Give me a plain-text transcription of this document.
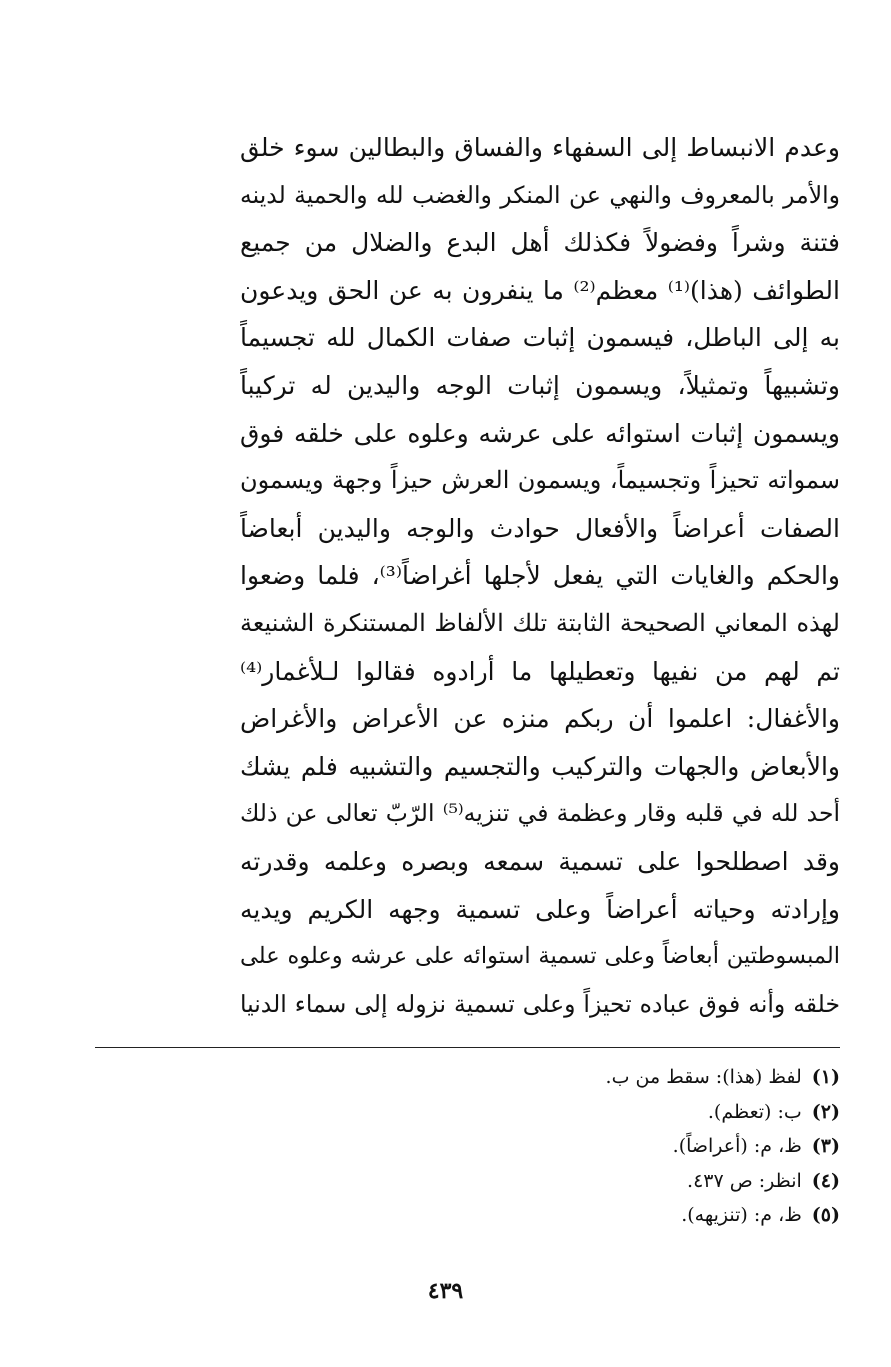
وعدم الانبساط إلى السفهاء والفساق والبطالين سوء خلق
والأمر بالمعروف والنهي عن المنكر والغضب لله والحمية لدينه
فتنة وشراً وفضولاً فكذلك أهل البدع والضلال من جميع
الطوائف (هذا)⁽¹⁾ معظم⁽²⁾ ما ينفرون به عن الحق ويدعون
به إلى الباطل، فيسمون إثبات صفات الكمال لله تجسيماً
وتشبيهاً وتمثيلاً، ويسمون إثبات الوجه واليدين له تركيباً
ويسمون إثبات استوائه على عرشه وعلوه على خلقه فوق
سمواته تحيزاً وتجسيماً، ويسمون العرش حيزاً وجهة ويسمون
الصفات أعراضاً والأفعال حوادث والوجه واليدين أبعاضاً
والحكم والغايات التي يفعل لأجلها أغراضاً⁽³⁾، فلما وضعوا
لهذه المعاني الصحيحة الثابتة تلك الألفاظ المستنكرة الشنيعة
تم لهم من نفيها وتعطيلها ما أرادوه فقالوا لـلأغمار⁽⁴⁾
والأغفال: اعلموا أن ربكم منزه عن الأعراض والأغراض
والأبعاض والجهات والتركيب والتجسيم والتشبيه فلم يشك
أحد لله في قلبه وقار وعظمة في تنزيه⁽⁵⁾ الرّبّ تعالى عن ذلك
وقد اصطلحوا على تسمية سمعه وبصره وعلمه وقدرته
وإرادته وحياته أعراضاً وعلى تسمية وجهه الكريم ويديه
المبسوطتين أبعاضاً وعلى تسمية استوائه على عرشه وعلوه على
خلقه وأنه فوق عباده تحيزاً وعلى تسمية نزوله إلى سماء الدنيا
(١)لفظ (هذا): سقط من ب.
(٢)ب: (تعظم).
(٣)ظ، م: (أعراضاً).
(٤)انظر: ص ٤٣٧.
(٥)ظ، م: (تنزيهه).
٤٣٩
